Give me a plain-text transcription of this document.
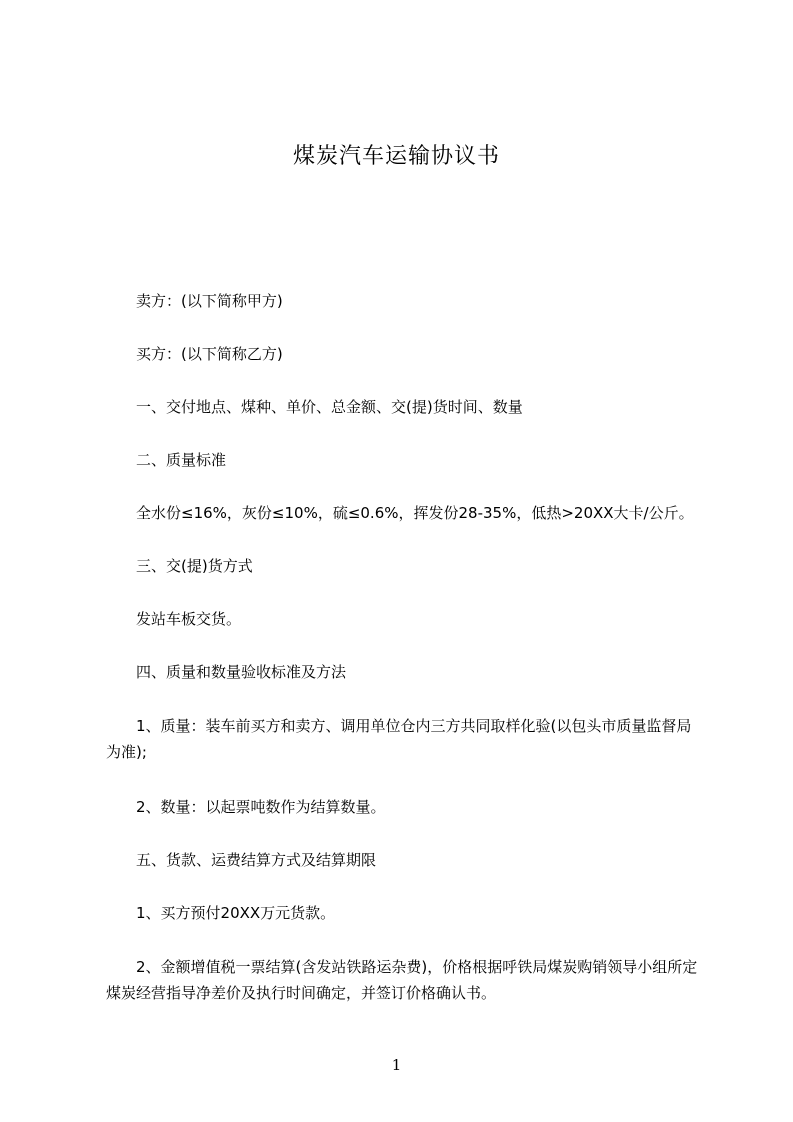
煤炭汽车运输协议书
卖方：(以下简称甲方)
买方：(以下简称乙方)
一、交付地点、煤种、单价、总金额、交(提)货时间、数量
二、质量标准
全水份≤16%，灰份≤10%，硫≤0.6%，挥发份28-35%，低热>20XX大卡/公斤。
三、交(提)货方式
发站车板交货。
四、质量和数量验收标准及方法
1、质量：装车前买方和卖方、调用单位仓内三方共同取样化验(以包头市质量监督局为准);
2、数量：以起票吨数作为结算数量。
五、货款、运费结算方式及结算期限
1、买方预付20XX万元货款。
2、金额增值税一票结算(含发站铁路运杂费)，价格根据呼铁局煤炭购销领导小组所定煤炭经营指导净差价及执行时间确定，并签订价格确认书。
1
